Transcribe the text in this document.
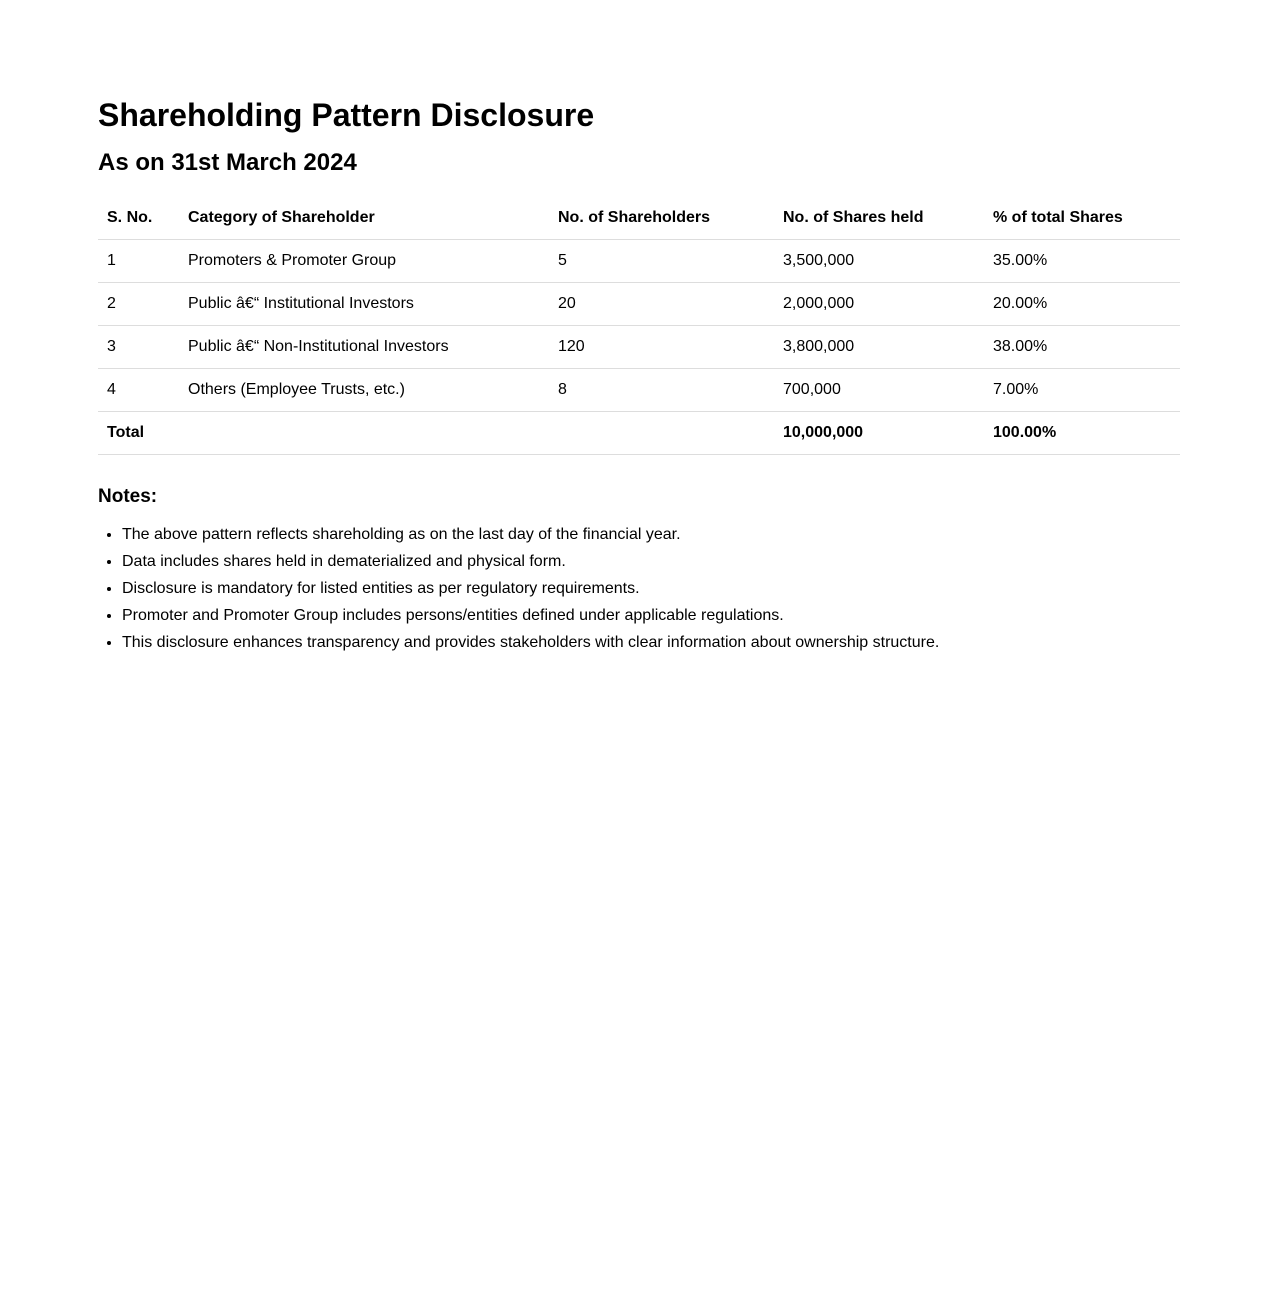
Shareholding Pattern Disclosure
As on 31st March 2024
S. No.	Category of Shareholder	No. of Shareholders	No. of Shares held	% of total Shares
1	Promoters & Promoter Group	5	3,500,000	35.00%
2	Public â€“ Institutional Investors	20	2,000,000	20.00%
3	Public â€“ Non-Institutional Investors	120	3,800,000	38.00%
4	Others (Employee Trusts, etc.)	8	700,000	7.00%
Total			10,000,000	100.00%
Notes:
• The above pattern reflects shareholding as on the last day of the financial year.
• Data includes shares held in dematerialized and physical form.
• Disclosure is mandatory for listed entities as per regulatory requirements.
• Promoter and Promoter Group includes persons/entities defined under applicable regulations.
• This disclosure enhances transparency and provides stakeholders with clear information about ownership structure.
